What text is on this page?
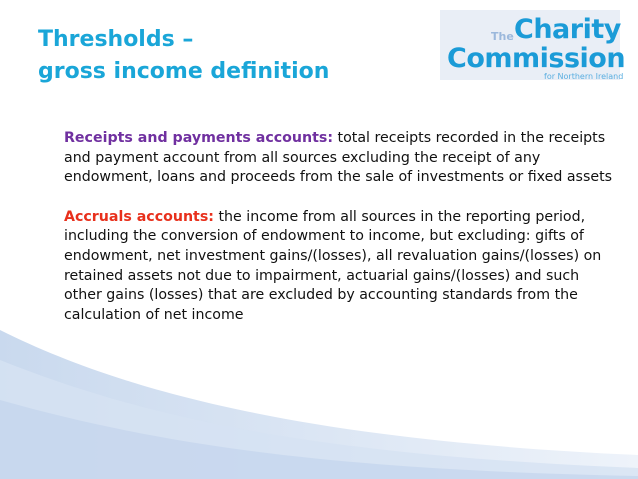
Thresholds –
gross income definition
The Charity
Commission
for Northern Ireland

Receipts and payments accounts: total receipts recorded in the receipts and payment account from all sources excluding the receipt of any endowment, loans and proceeds from the sale of investments or fixed assets

Accruals accounts: the income from all sources in the reporting period, including the conversion of endowment to income, but excluding: gifts of endowment, net investment gains/(losses), all revaluation gains/(losses) on retained assets not due to impairment, actuarial gains/(losses) and such other gains (losses) that are excluded by accounting standards from the calculation of net income
